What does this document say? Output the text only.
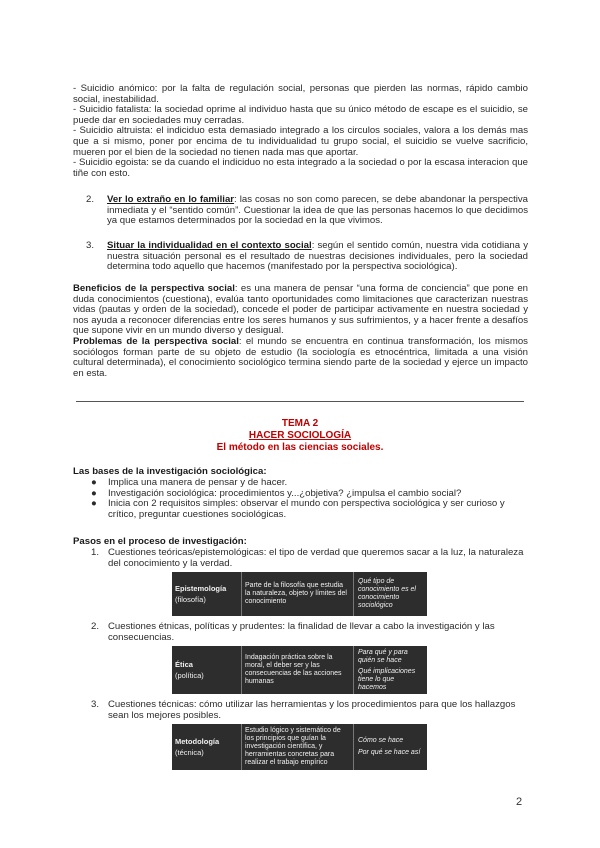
- Suicidio anómico: por la falta de regulación social, personas que pierden las normas, rápido cambio social, inestabilidad.

- Suicidio fatalista: la sociedad oprime al individuo hasta que su único método de escape es el suicidio, se puede dar en sociedades muy cerradas.

- Suicidio altruista: el indiciduo esta demasiado integrado a los circulos sociales, valora a los demás mas que a si mismo, poner por encima de tu individualidad tu grupo social, el suicidio se vuelve sacrificio, mueren por el bien de la sociedad no tienen nada mas que aportar.

- Suicidio egoista: se da cuando el indiciduo no esta integrado a la sociedad o por la escasa interacion que tiñe con esto.

2. Ver lo extraño en lo familiar: las cosas no son como parecen, se debe abandonar la perspectiva inmediata y el “sentido común”. Cuestionar la idea de que las personas hacemos lo que decidimos ya que estamos determinados por la sociedad en la que vivimos.
3. Situar la individualidad en el contexto social: según el sentido común, nuestra vida cotidiana y nuestra situación personal es el resultado de nuestras decisiones individuales, pero la sociedad determina todo aquello que hacemos (manifestado por la perspectiva sociológica).

Beneficios de la perspectiva social: es una manera de pensar “una forma de conciencia” que pone en duda conocimientos (cuestiona), evalúa tanto oportunidades como limitaciones que caracterizan nuestras vidas (pautas y orden de la sociedad), concede el poder de participar activamente en nuestra sociedad y nos ayuda a reconocer diferencias entre los seres humanos y sus sufrimientos, y a hacer frente a desafíos que supone vivir en un mundo diverso y desigual.

Problemas de la perspectiva social: el mundo se encuentra en continua transformación, los mismos sociólogos forman parte de su objeto de estudio (la sociología es etnocéntrica, limitada a una visión cultural determinada), el conocimiento sociológico termina siendo parte de la sociedad y ejerce un impacto en esta.

TEMA 2
HACER SOCIOLOGÍA
El método en las ciencias sociales.
Las bases de la investigación sociológica:
● Implica una manera de pensar y de hacer.
● Investigación sociológica: procedimientos y...¿objetiva? ¿impulsa el cambio social?
● Inicia con 2 requisitos simples: observar el mundo con perspectiva sociológica y ser curioso y crítico, preguntar cuestiones sociológicas.
Pasos en el proceso de investigación:
1. Cuestiones teóricas/epistemológicas: el tipo de verdad que queremos sacar a la luz, la naturaleza del conocimiento y la verdad.
Epistemología
(filosofía)
Parte de la filosofía que estudia la naturaleza, objeto y límites del conocimiento
Qué tipo de conocimiento es el conocimiento sociológico
2. Cuestiones étnicas, políticas y prudentes: la finalidad de llevar a cabo la investigación y las consecuencias.
Ética
(política)
Indagación práctica sobre la moral, el deber ser y las consecuencias de las acciones humanas
Para qué y para quién se hace
Qué implicaciones tiene lo que hacemos
3. Cuestiones técnicas: cómo utilizar las herramientas y los procedimientos para que los hallazgos sean los mejores posibles.
Metodología
(técnica)
Estudio lógico y sistemático de los principios que guían la investigación científica, y herramientas concretas para realizar el trabajo empírico
Cómo se hace
Por qué se hace así
2
